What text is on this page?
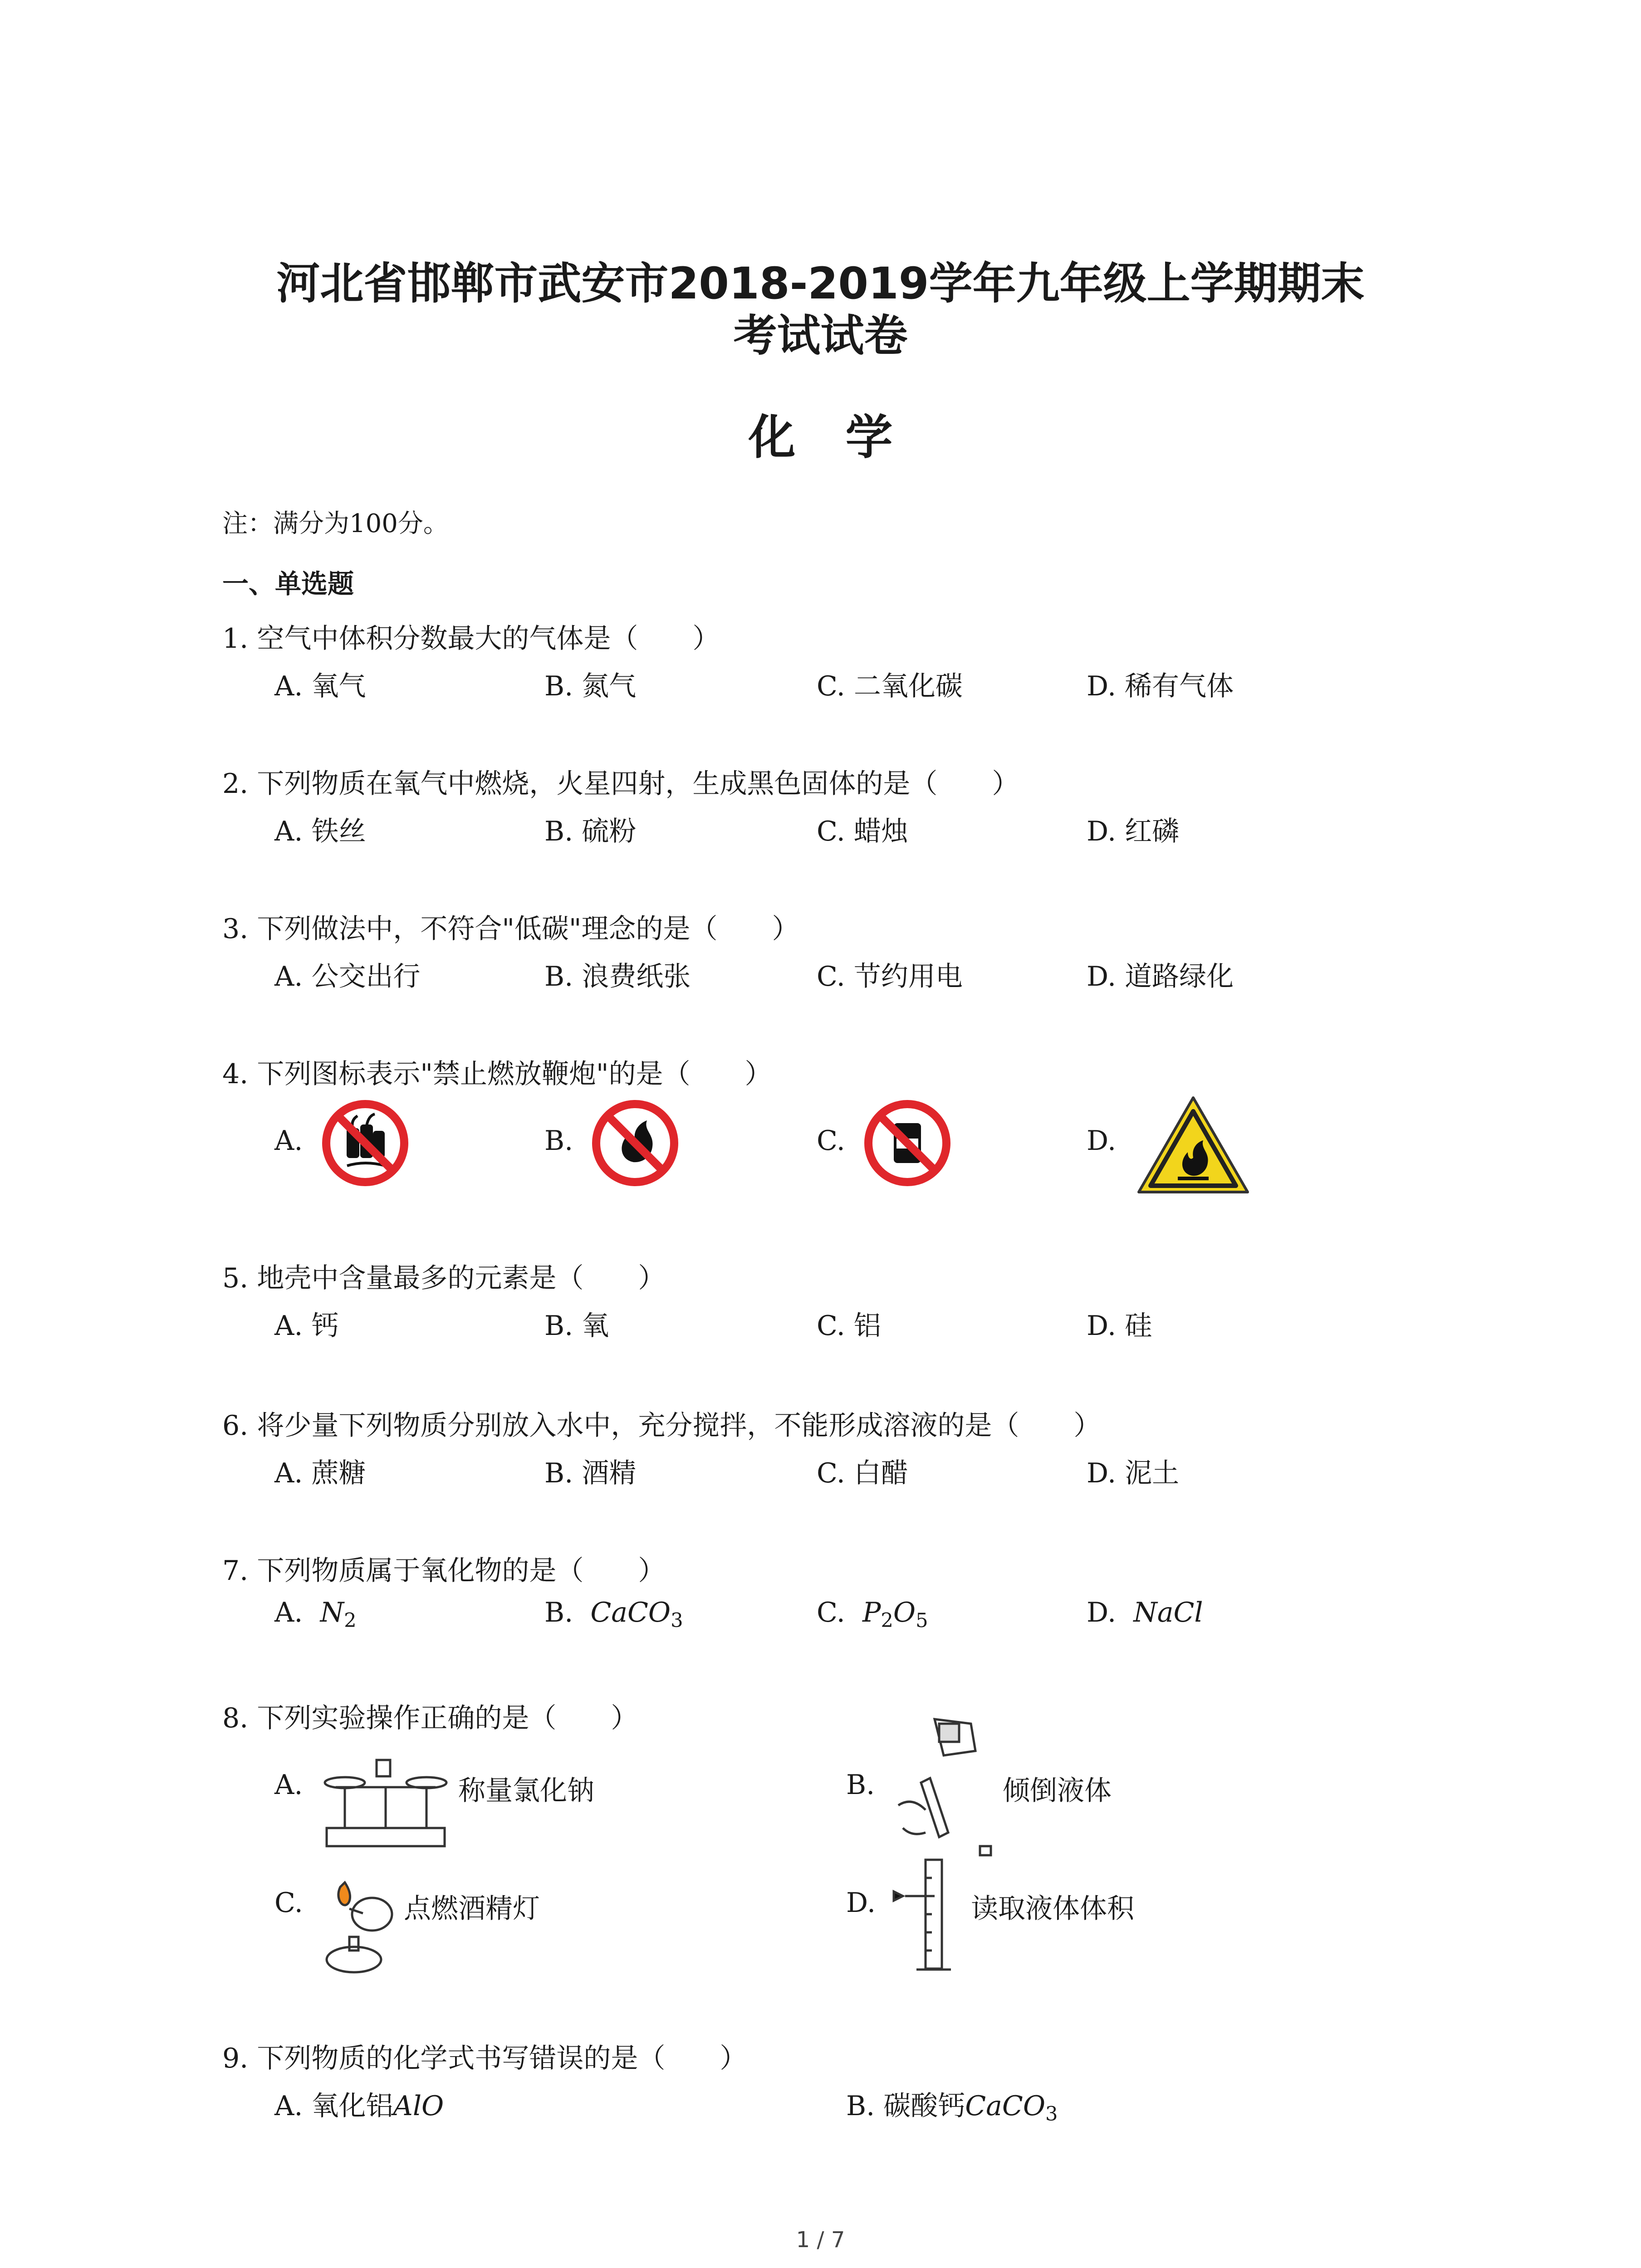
河北省邯郸市武安市2018-2019学年九年级上学期期末
考试试卷
化学
注：满分为100分。
一、单选题
1. 空气中体积分数最大的气体是（　　）
A. 氧气	B. 氮气	C. 二氧化碳	D. 稀有气体
2. 下列物质在氧气中燃烧，火星四射，生成黑色固体的是（　　）
A. 铁丝	B. 硫粉	C. 蜡烛	D. 红磷
3. 下列做法中，不符合"低碳"理念的是（　　）
A. 公交出行	B. 浪费纸张	C. 节约用电	D. 道路绿化
4. 下列图标表示"禁止燃放鞭炮"的是（　　）
A.	B.	C.	D.
5. 地壳中含量最多的元素是（　　）
A. 钙	B. 氧	C. 铝	D. 硅
6. 将少量下列物质分别放入水中，充分搅拌，不能形成溶液的是（　　）
A. 蔗糖	B. 酒精	C. 白醋	D. 泥土
7. 下列物质属于氧化物的是（　　）
A. $N_2$	B. CaCO$_3$	C. $P_2O_5$	D. NaCl
8. 下列实验操作正确的是（　　）
A.	称量氯化钠	B.	倾倒液体
C.	点燃酒精灯	D.	读取液体体积
9. 下列物质的化学式书写错误的是（　　）
A. 氧化铝AlO	B. 碳酸钙CaCO$_3$
1 / 7
